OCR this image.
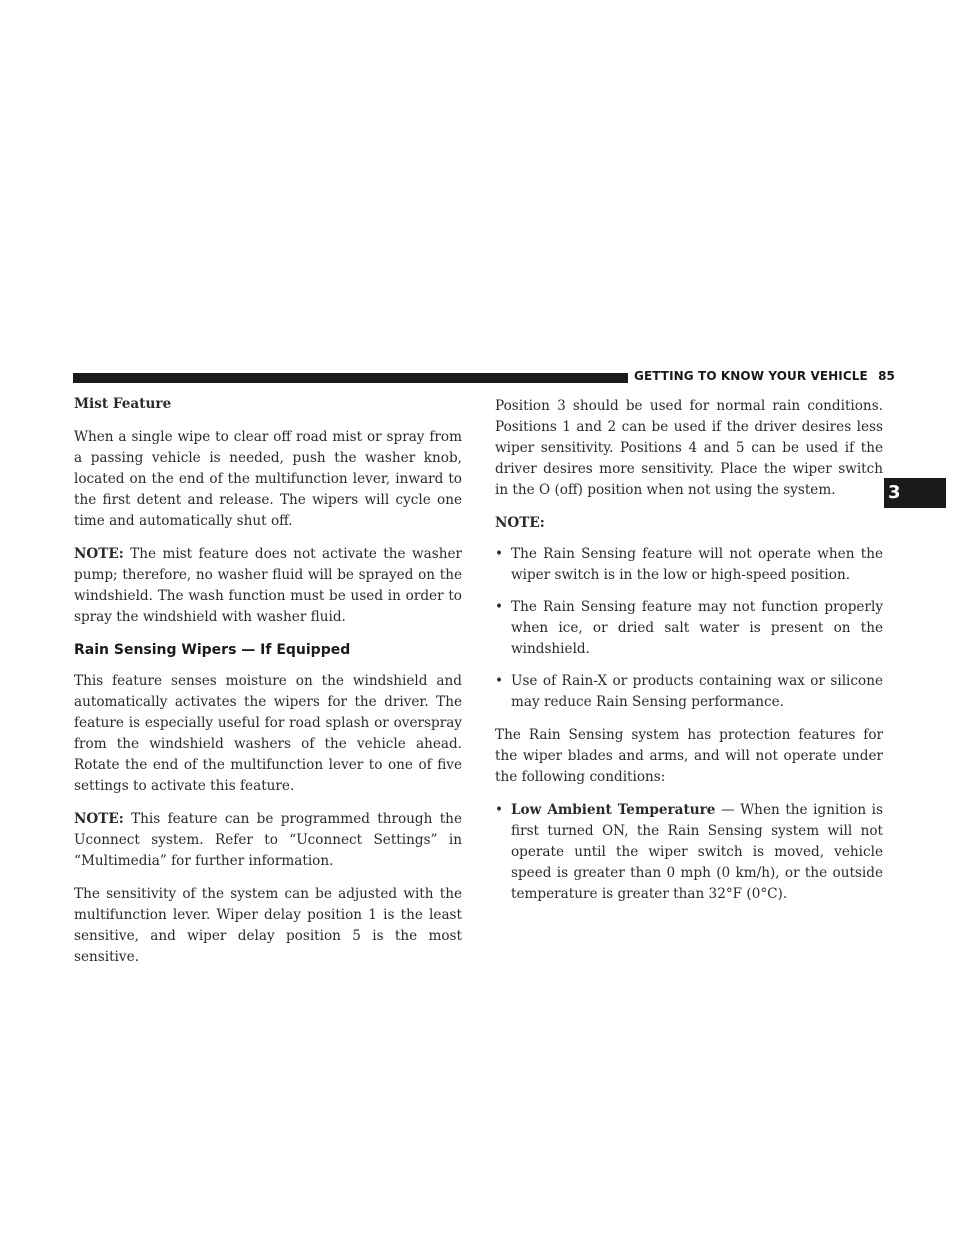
GETTING TO KNOW YOUR VEHICLE 85
3

Mist Feature

When a single wipe to clear off road mist or spray from a passing vehicle is needed, push the washer knob, located on the end of the multifunction lever, inward to the first detent and release. The wipers will cycle one time and automatically shut off.

NOTE: The mist feature does not activate the washer pump; therefore, no washer fluid will be sprayed on the windshield. The wash function must be used in order to spray the windshield with washer fluid.

Rain Sensing Wipers — If Equipped

This feature senses moisture on the windshield and automatically activates the wipers for the driver. The feature is especially useful for road splash or overspray from the windshield washers of the vehicle ahead. Rotate the end of the multifunction lever to one of five settings to activate this feature.

NOTE: This feature can be programmed through the Uconnect system. Refer to “Uconnect Settings” in “Multimedia” for further information.

The sensitivity of the system can be adjusted with the multifunction lever. Wiper delay position 1 is the least sensitive, and wiper delay position 5 is the most sensitive.

Position 3 should be used for normal rain conditions. Positions 1 and 2 can be used if the driver desires less wiper sensitivity. Positions 4 and 5 can be used if the driver desires more sensitivity. Place the wiper switch in the O (off) position when not using the system.

NOTE:

• The Rain Sensing feature will not operate when the wiper switch is in the low or high-speed position.
• The Rain Sensing feature may not function properly when ice, or dried salt water is present on the windshield.
• Use of Rain-X or products containing wax or silicone may reduce Rain Sensing performance.

The Rain Sensing system has protection features for the wiper blades and arms, and will not operate under the following conditions:

• Low Ambient Temperature — When the ignition is first turned ON, the Rain Sensing system will not operate until the wiper switch is moved, vehicle speed is greater than 0 mph (0 km/h), or the outside temperature is greater than 32°F (0°C).
